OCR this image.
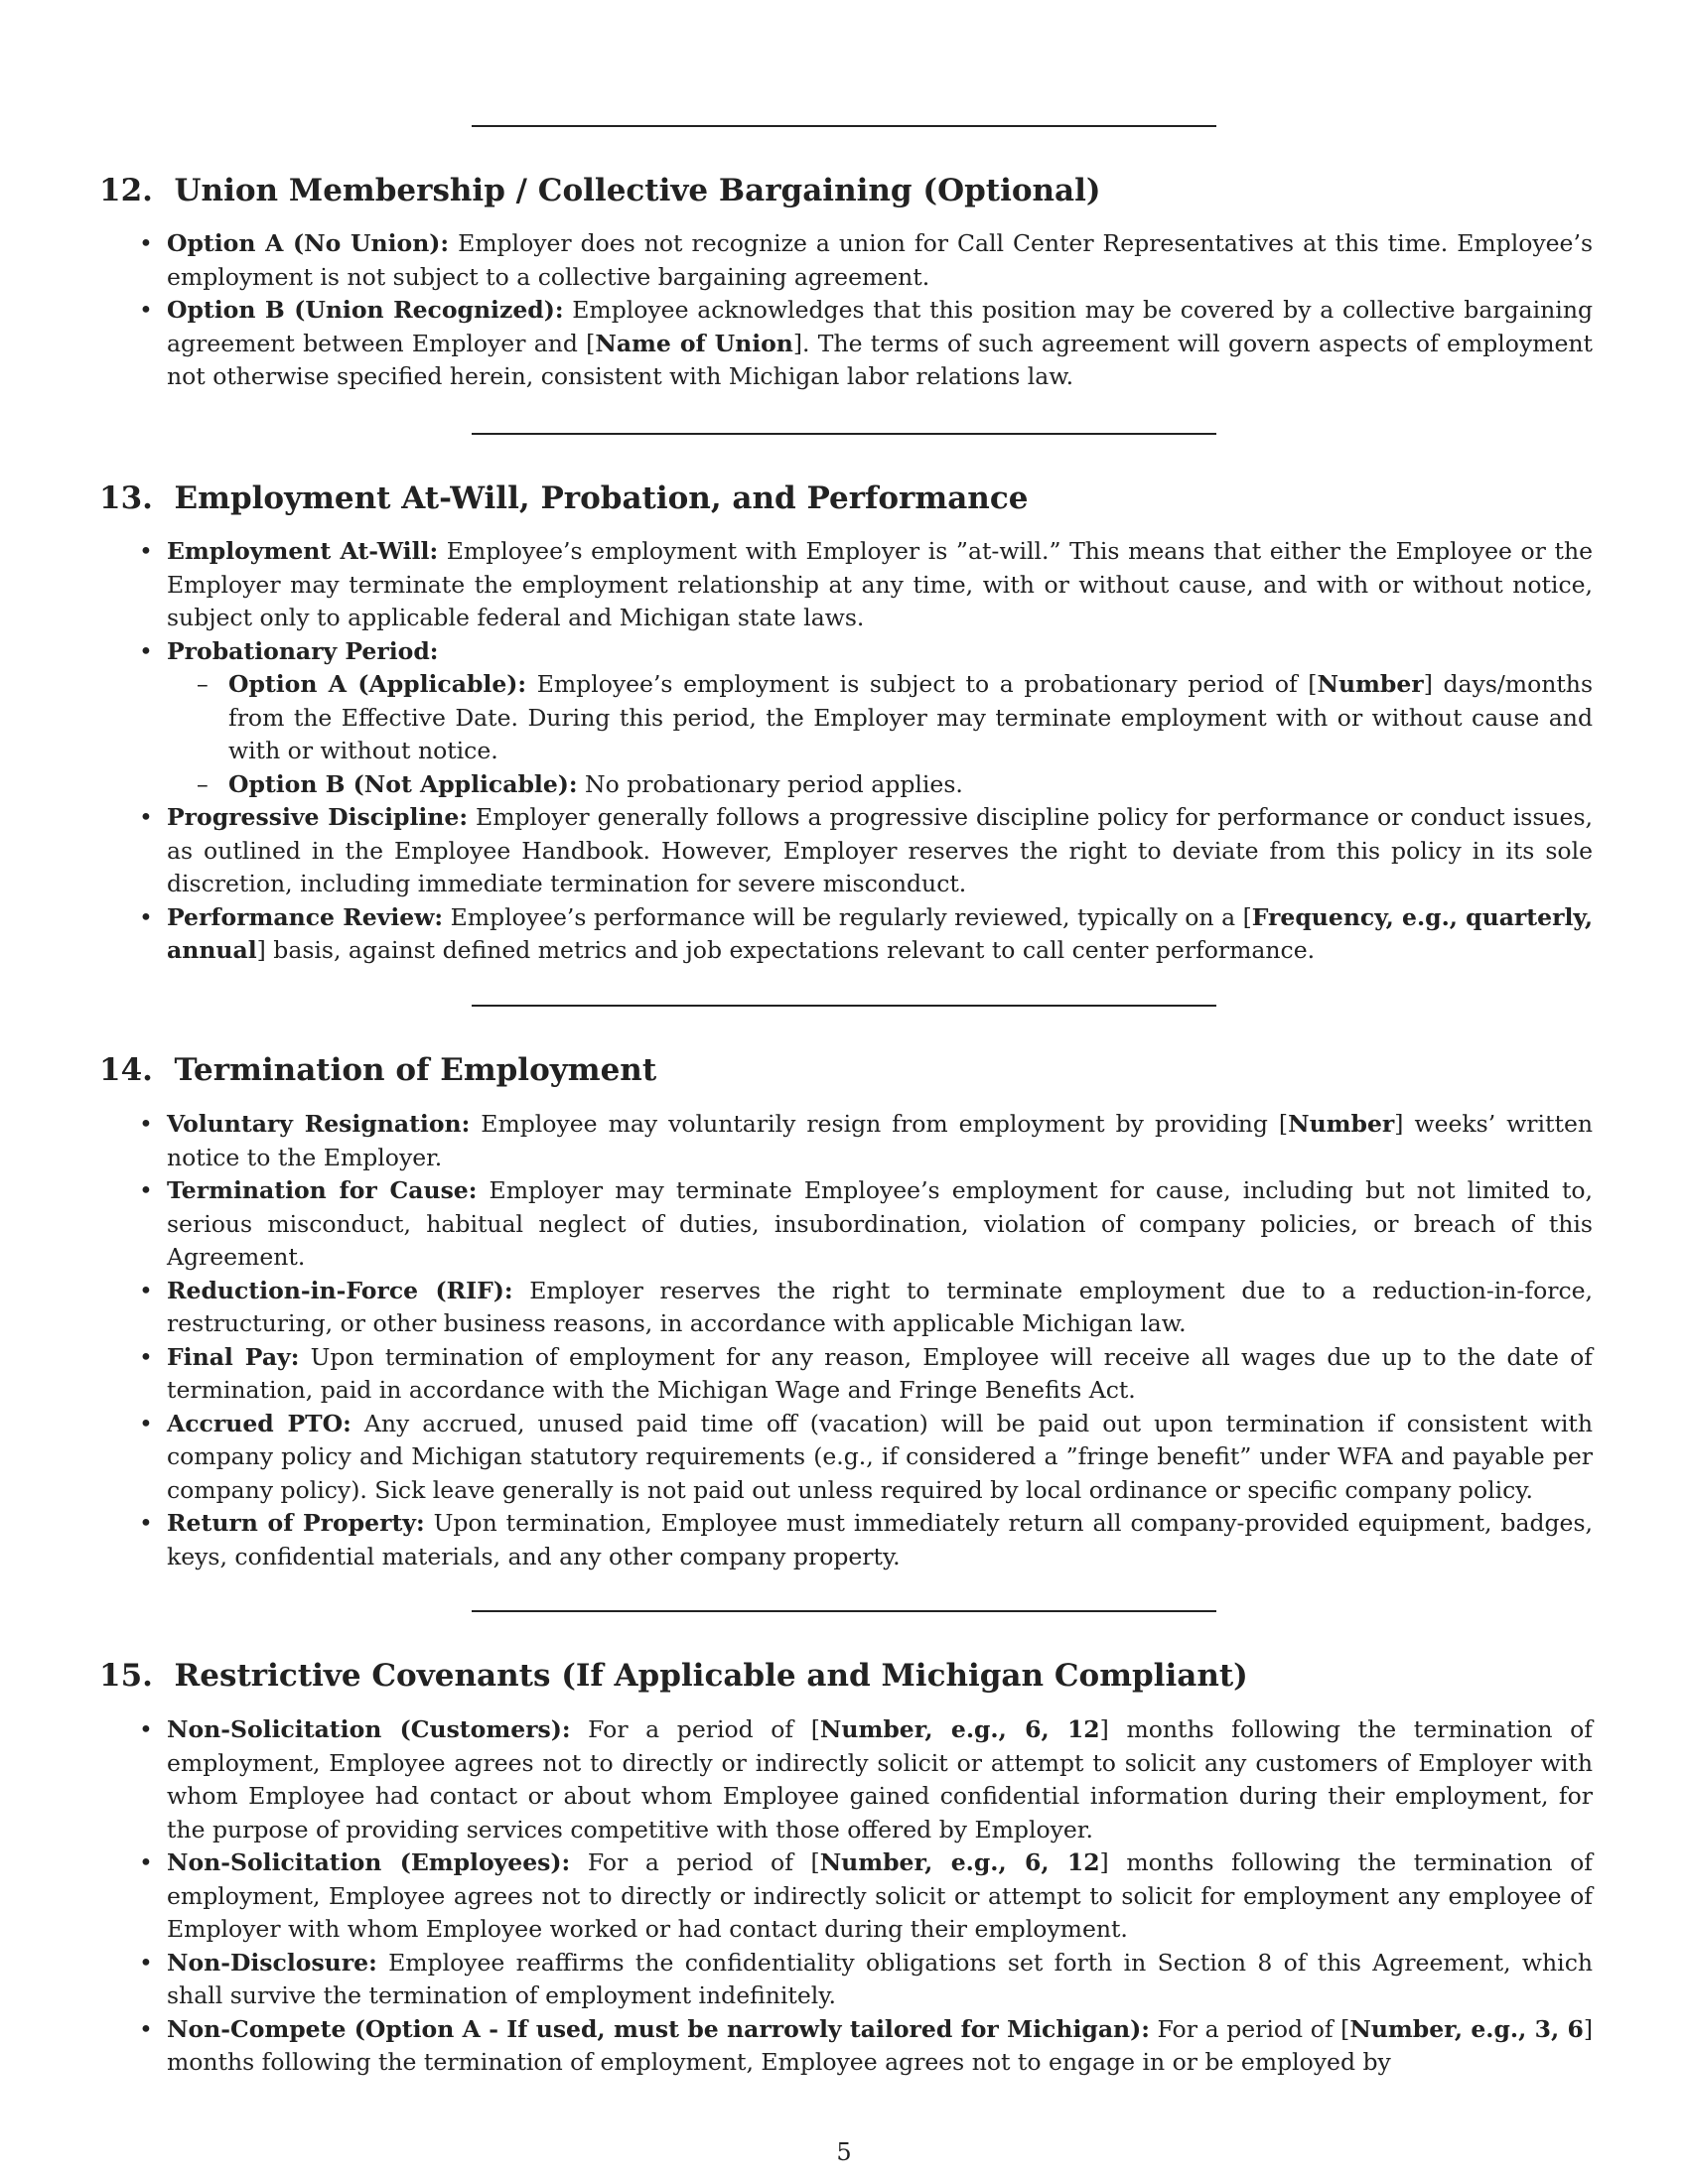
12.  Union Membership / Collective Bargaining (Optional)
• Option A (No Union): Employer does not recognize a union for Call Center Representatives at this time. Employee’s employment is not subject to a collective bargaining agreement.
• Option B (Union Recognized): Employee acknowledges that this position may be covered by a collective bargaining agreement between Employer and [Name of Union]. The terms of such agreement will govern aspects of employment not otherwise specified herein, consistent with Michigan labor relations law.
13.  Employment At-Will, Probation, and Performance
• Employment At-Will: Employee’s employment with Employer is ”at-will.” This means that either the Employee or the Employer may terminate the employment relationship at any time, with or without cause, and with or without notice, subject only to applicable federal and Michigan state laws.
• Probationary Period:
– Option A (Applicable): Employee’s employment is subject to a probationary period of [Number] days/months from the Effective Date. During this period, the Employer may terminate employment with or without cause and with or without notice.
– Option B (Not Applicable): No probationary period applies.
• Progressive Discipline: Employer generally follows a progressive discipline policy for performance or conduct issues, as outlined in the Employee Handbook. However, Employer reserves the right to deviate from this policy in its sole discretion, including immediate termination for severe misconduct.
• Performance Review: Employee’s performance will be regularly reviewed, typically on a [Frequency, e.g., quarterly, annual] basis, against defined metrics and job expectations relevant to call center performance.
14.  Termination of Employment
• Voluntary Resignation: Employee may voluntarily resign from employment by providing [Number] weeks’ written notice to the Employer.
• Termination for Cause: Employer may terminate Employee’s employment for cause, including but not limited to, serious misconduct, habitual neglect of duties, insubordination, violation of company policies, or breach of this Agreement.
• Reduction-in-Force (RIF): Employer reserves the right to terminate employment due to a reduction-in-force, restructuring, or other business reasons, in accordance with applicable Michigan law.
• Final Pay: Upon termination of employment for any reason, Employee will receive all wages due up to the date of termination, paid in accordance with the Michigan Wage and Fringe Benefits Act.
• Accrued PTO: Any accrued, unused paid time off (vacation) will be paid out upon termination if consistent with company policy and Michigan statutory requirements (e.g., if considered a ”fringe benefit” under WFA and payable per company policy). Sick leave generally is not paid out unless required by local ordinance or specific company policy.
• Return of Property: Upon termination, Employee must immediately return all company-provided equipment, badges, keys, confidential materials, and any other company property.
15.  Restrictive Covenants (If Applicable and Michigan Compliant)
• Non-Solicitation (Customers): For a period of [Number, e.g., 6, 12] months following the termination of employment, Employee agrees not to directly or indirectly solicit or attempt to solicit any customers of Employer with whom Employee had contact or about whom Employee gained confidential information during their employment, for the purpose of providing services competitive with those offered by Employer.
• Non-Solicitation (Employees): For a period of [Number, e.g., 6, 12] months following the termination of employment, Employee agrees not to directly or indirectly solicit or attempt to solicit for employment any employee of Employer with whom Employee worked or had contact during their employment.
• Non-Disclosure: Employee reaffirms the confidentiality obligations set forth in Section 8 of this Agreement, which shall survive the termination of employment indefinitely.
• Non-Compete (Option A - If used, must be narrowly tailored for Michigan): For a period of [Number, e.g., 3, 6] months following the termination of employment, Employee agrees not to engage in or be employed by
5
